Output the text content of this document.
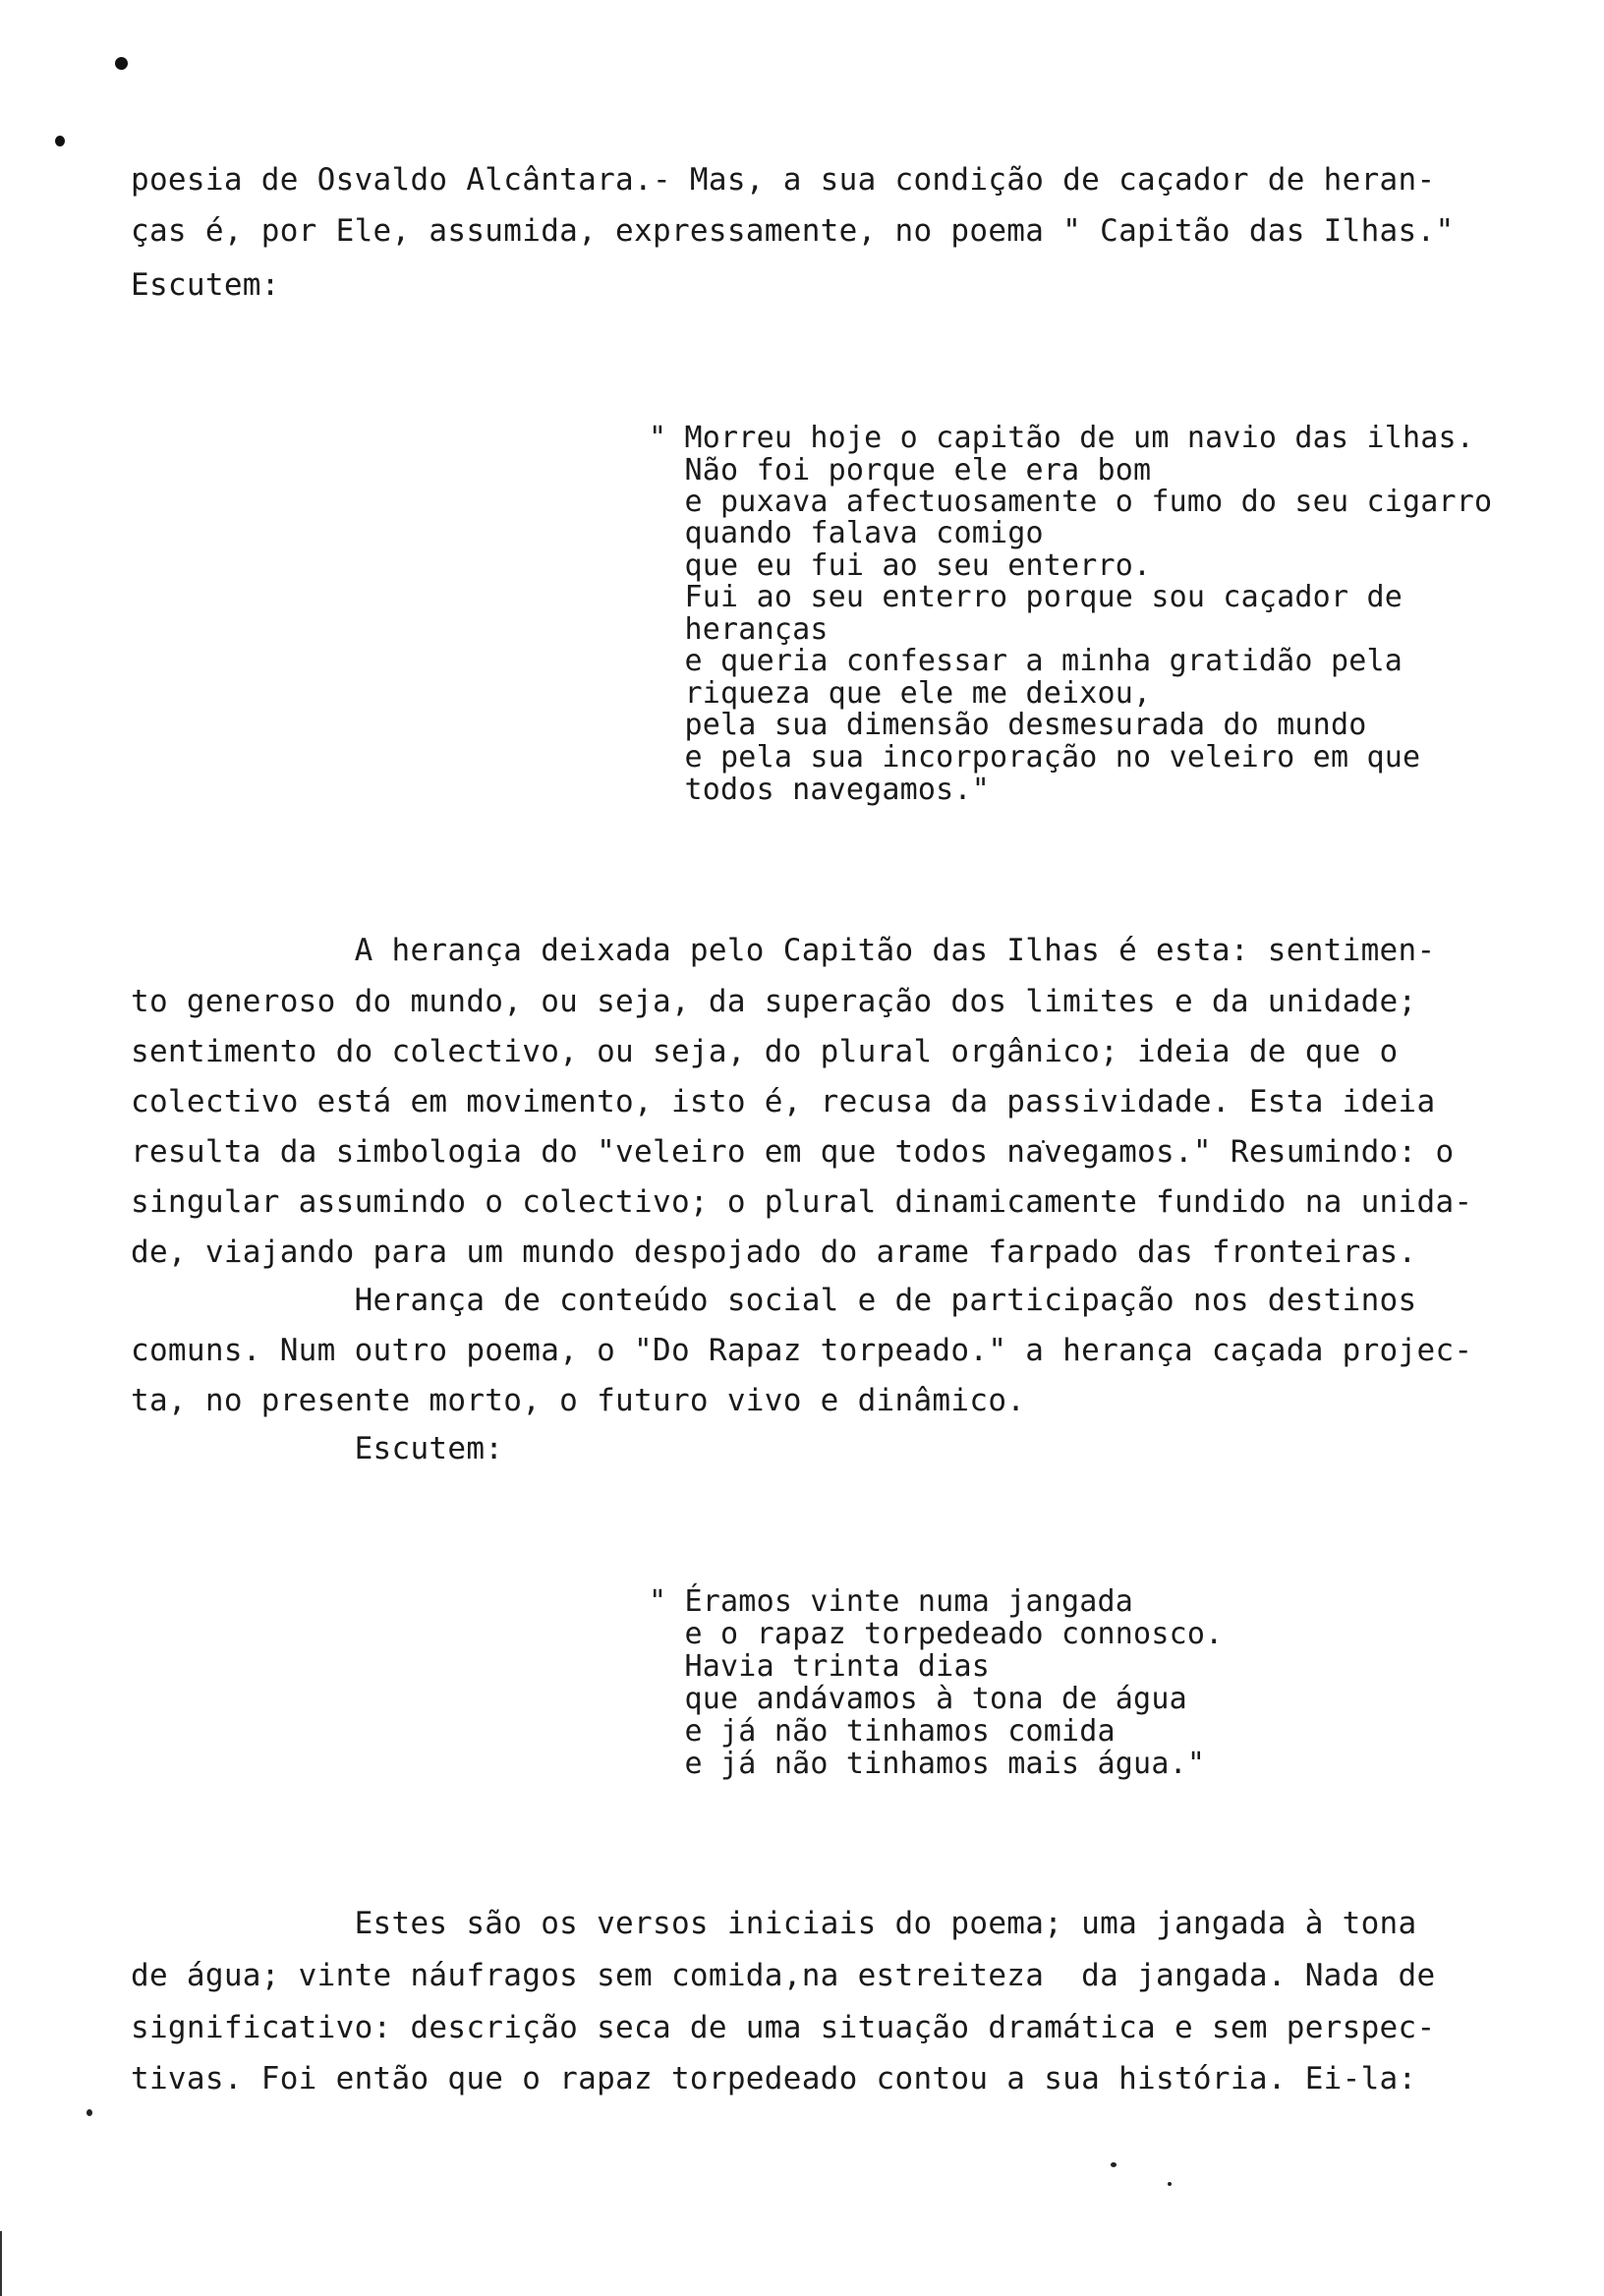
poesia de Osvaldo Alcântara.- Mas, a sua condição de caçador de heran-
ças é, por Ele, assumida, expressamente, no poema " Capitão das Ilhas."
Escutem:
" Morreu hoje o capitão de um navio das ilhas.
Não foi porque ele era bom
e puxava afectuosamente o fumo do seu cigarro
quando falava comigo
que eu fui ao seu enterro.
Fui ao seu enterro porque sou caçador de
heranças
e queria confessar a minha gratidão pela
riqueza que ele me deixou,
pela sua dimensão desmesurada do mundo
e pela sua incorporação no veleiro em que
todos navegamos."
A herança deixada pelo Capitão das Ilhas é esta: sentimen-
to generoso do mundo, ou seja, da superação dos limites e da unidade;
sentimento do colectivo, ou seja, do plural orgânico; ideia de que o
colectivo está em movimento, isto é, recusa da passividade. Esta ideia
resulta da simbologia do "veleiro em que todos navegamos." Resumindo: o
singular assumindo o colectivo; o plural dinamicamente fundido na unida-
de, viajando para um mundo despojado do arame farpado das fronteiras.
Herança de conteúdo social e de participação nos destinos
comuns. Num outro poema, o "Do Rapaz torpeado." a herança caçada projec-
ta, no presente morto, o futuro vivo e dinâmico.
Escutem:
" Éramos vinte numa jangada
e o rapaz torpedeado connosco.
Havia trinta dias
que andávamos à tona de água
e já não tinhamos comida
e já não tinhamos mais água."
Estes são os versos iniciais do poema; uma jangada à tona
de água; vinte náufragos sem comida,na estreiteza  da jangada. Nada de
significativo: descrição seca de uma situação dramática e sem perspec-
tivas. Foi então que o rapaz torpedeado contou a sua história. Ei-la:
